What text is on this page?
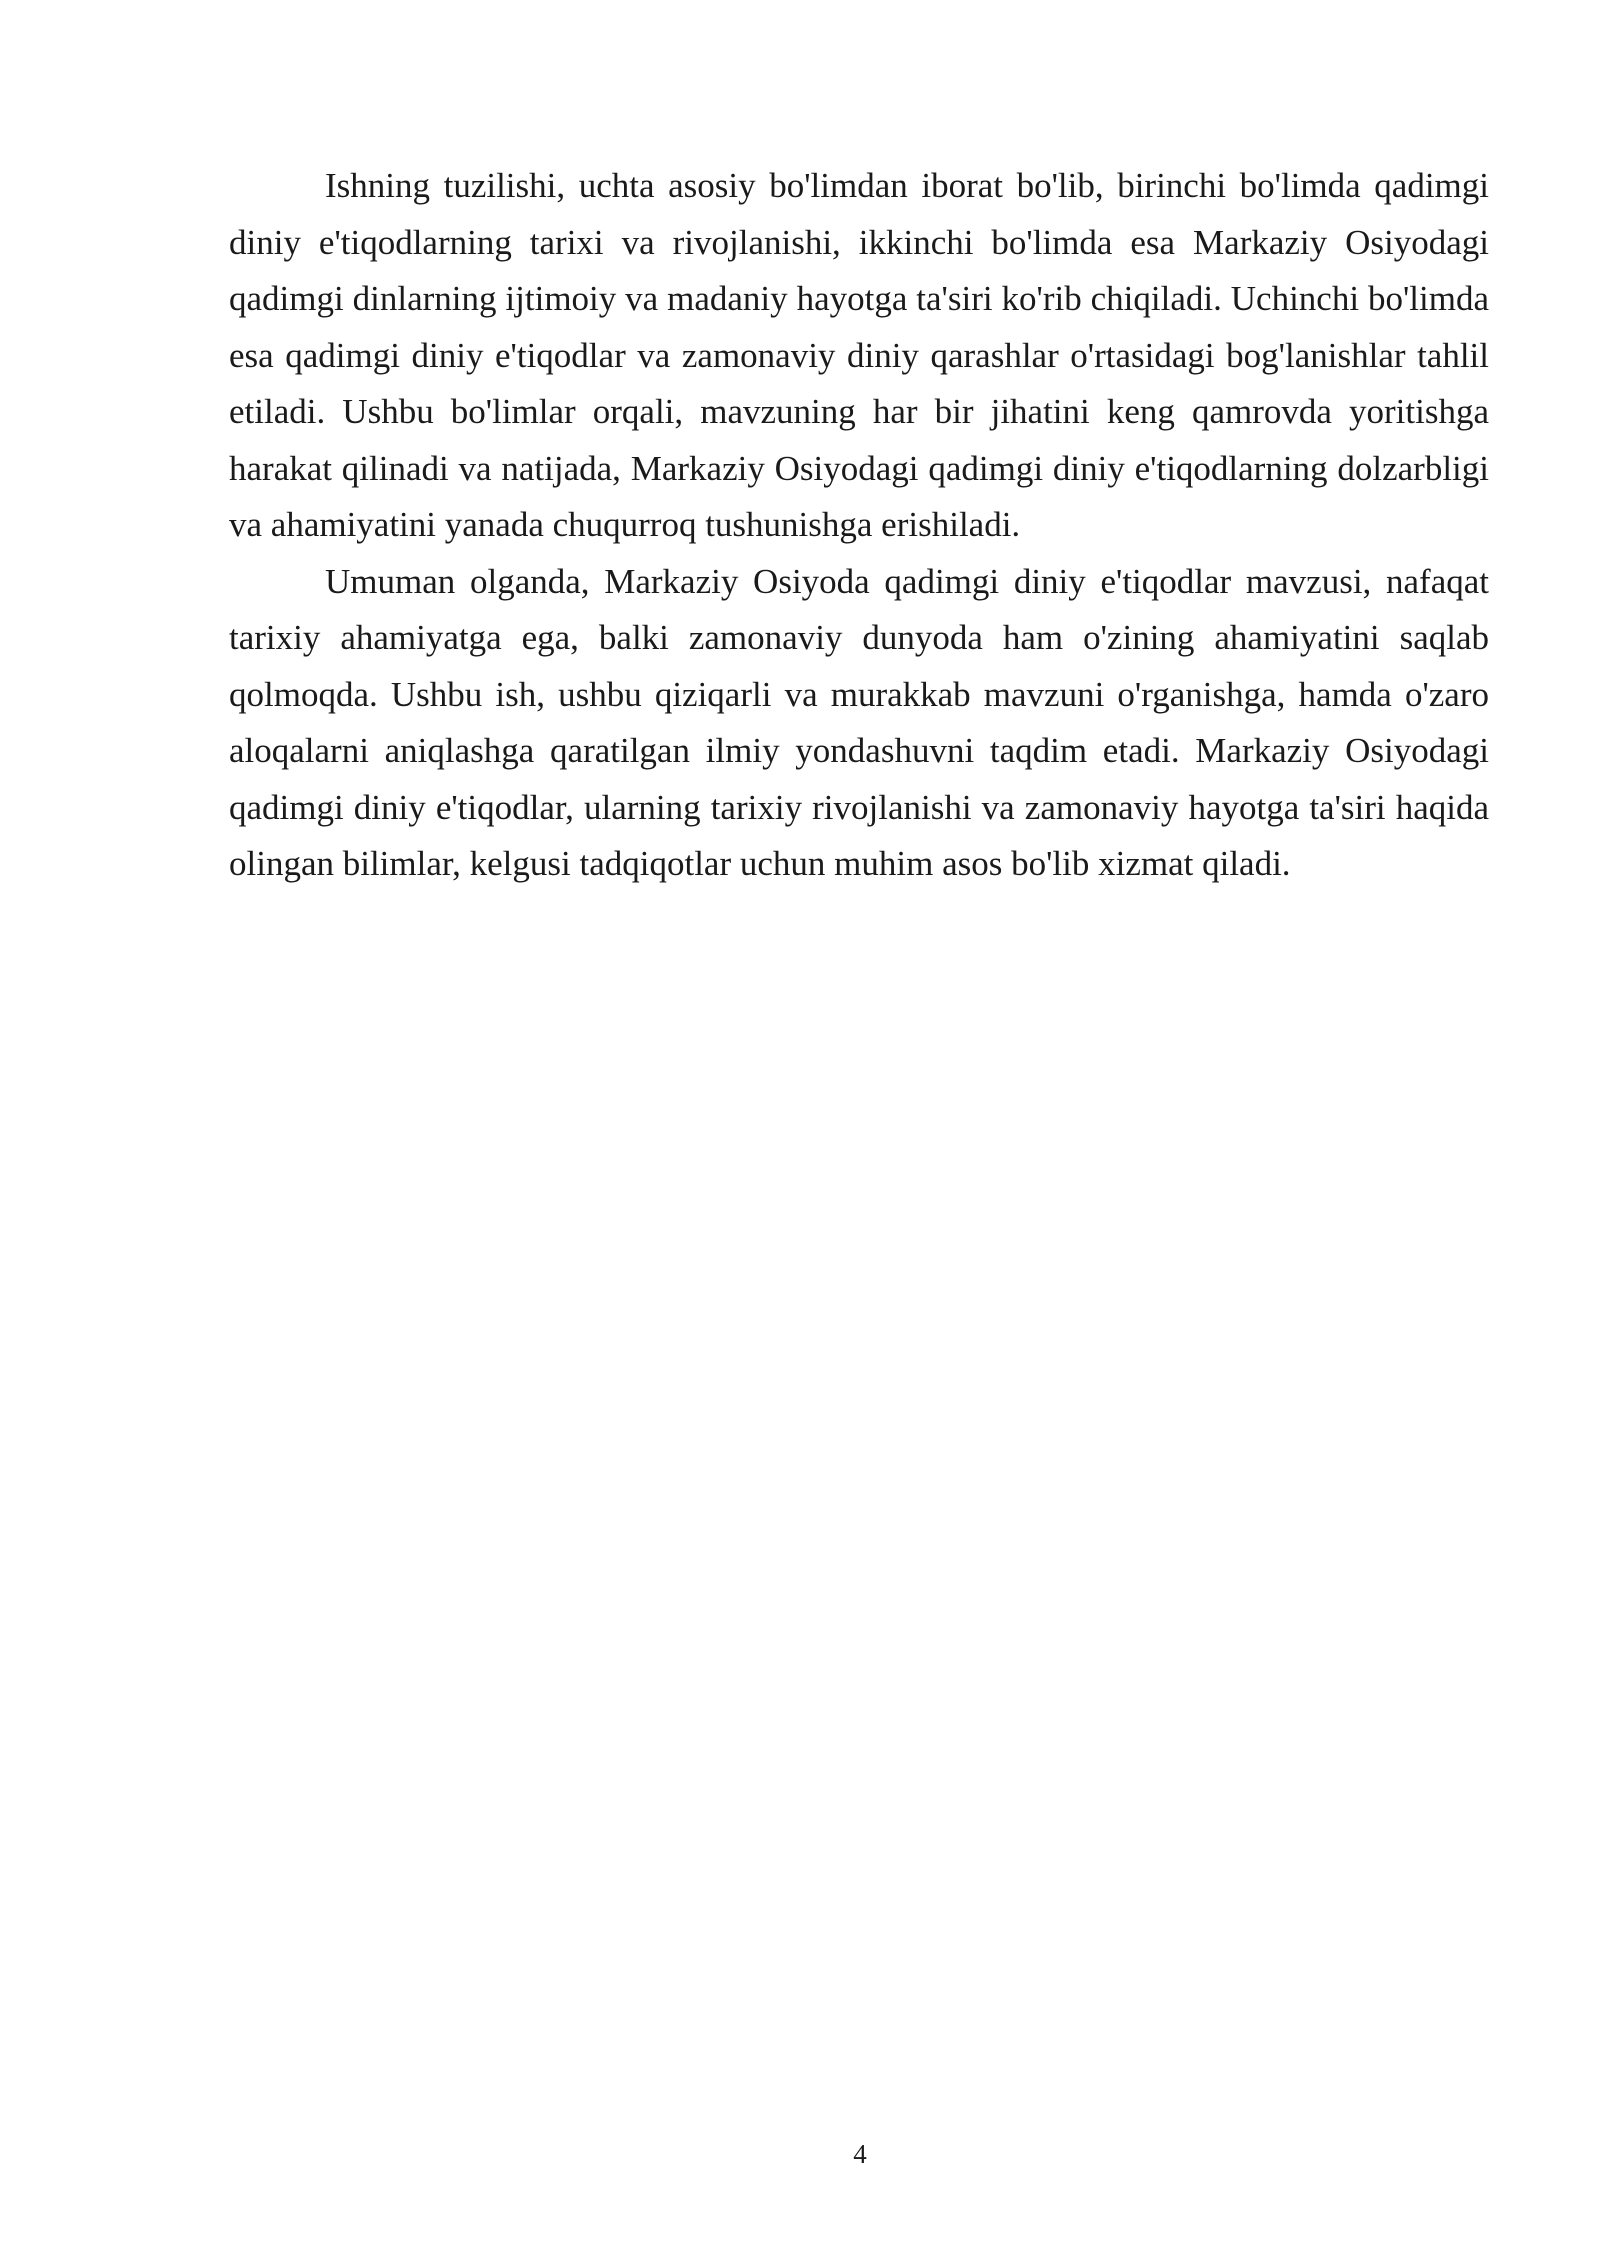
Ishning tuzilishi, uchta asosiy bo'limdan iborat bo'lib, birinchi bo'limda qadimgi diniy e'tiqodlarning tarixi va rivojlanishi, ikkinchi bo'limda esa Markaziy Osiyodagi qadimgi dinlarning ijtimoiy va madaniy hayotga ta'siri ko'rib chiqiladi. Uchinchi bo'limda esa qadimgi diniy e'tiqodlar va zamonaviy diniy qarashlar o'rtasidagi bog'lanishlar tahlil etiladi. Ushbu bo'limlar orqali, mavzuning har bir jihatini keng qamrovda yoritishga harakat qilinadi va natijada, Markaziy Osiyodagi qadimgi diniy e'tiqodlarning dolzarbligi va ahamiyatini yanada chuqurroq tushunishga erishiladi.

Umuman olganda, Markaziy Osiyoda qadimgi diniy e'tiqodlar mavzusi, nafaqat tarixiy ahamiyatga ega, balki zamonaviy dunyoda ham o'zining ahamiyatini saqlab qolmoqda. Ushbu ish, ushbu qiziqarli va murakkab mavzuni o'rganishga, hamda o'zaro aloqalarni aniqlashga qaratilgan ilmiy yondashuvni taqdim etadi. Markaziy Osiyodagi qadimgi diniy e'tiqodlar, ularning tarixiy rivojlanishi va zamonaviy hayotga ta'siri haqida olingan bilimlar, kelgusi tadqiqotlar uchun muhim asos bo'lib xizmat qiladi.

4
